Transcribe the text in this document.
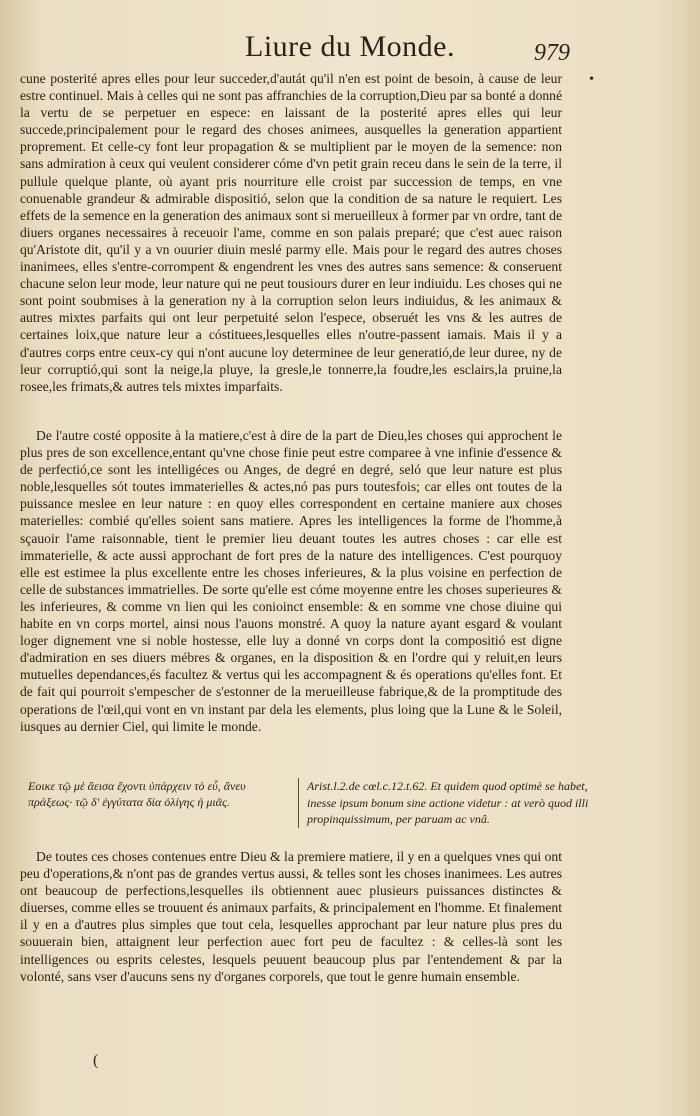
Liure du Monde.	979
•

cune posterité apres elles pour leur succeder,d'autát qu'il n'en est point de besoin, à cause de leur estre continuel. Mais à celles qui ne sont pas affranchies de la corruption,Dieu par sa bonté a donné la vertu de se perpetuer en espece: en laissant de la posterité apres elles qui leur succede,principalement pour le regard des choses animees, ausquelles la generation appartient proprement. Et celle-cy font leur propagation & se multiplient par le moyen de la semence: non sans admiration à ceux qui veulent considerer cóme d'vn petit grain receu dans le sein de la terre, il pullule quelque plante, où ayant pris nourriture elle croist par succession de temps, en vne conuenable grandeur & admirable dispositió, selon que la condition de sa nature le requiert. Les effets de la semence en la generation des animaux sont si merueilleux à former par vn ordre, tant de diuers organes necessaires à receuoir l'ame, comme en son palais preparé; que c'est auec raison qu'Aristote dit, qu'il y a vn ouurier diuin meslé parmy elle. Mais pour le regard des autres choses inanimees, elles s'entre-corrompent & engendrent les vnes des autres sans semence: & conseruent chacune selon leur mode, leur nature qui ne peut tousiours durer en leur indiuidu. Les choses qui ne sont point soubmises à la generation ny à la corruption selon leurs indiuidus, & les animaux & autres mixtes parfaits qui ont leur perpetuité selon l'espece, obseruét les vns & les autres de certaines loix,que nature leur a cóstituees,lesquelles elles n'outre-passent iamais. Mais il y a d'autres corps entre ceux-cy qui n'ont aucune loy determinee de leur generatió,de leur duree, ny de leur corruptió,qui sont la neige,la pluye, la gresle,le tonnerre,la foudre,les esclairs,la pruine,la rosee,les frimats,& autres tels mixtes imparfaits.

De l'autre costé opposite à la matiere,c'est à dire de la part de Dieu,les choses qui approchent le plus pres de son excellence,entant qu'vne chose finie peut estre comparee à vne infinie d'essence & de perfectió,ce sont les intelligéces ou Anges, de degré en degré, seló que leur nature est plus noble,lesquelles sót toutes immaterielles & actes,nó pas purs toutesfois; car elles ont toutes de la puissance meslee en leur nature : en quoy elles correspondent en certaine maniere aux choses materielles: combié qu'elles soient sans matiere. Apres les intelligences la forme de l'homme,à sçauoir l'ame raisonnable, tient le premier lieu deuant toutes les autres choses : car elle est immaterielle, & acte aussi approchant de fort pres de la nature des intelligences. C'est pourquoy elle est estimee la plus excellente entre les choses inferieures, & la plus voisine en perfection de celle de substances immatrielles. De sorte qu'elle est cóme moyenne entre les choses superieures & les inferieures, & comme vn lien qui les conioinct ensemble: & en somme vne chose diuine qui habite en vn corps mortel, ainsi nous l'auons monstré. A quoy la nature ayant esgard & voulant loger dignement vne si noble hostesse, elle luy a donné vn corps dont la compositió est digne d'admiration en ses diuers mébres & organes, en la disposition & en l'ordre qui y reluit,en leurs mutuelles dependances,és facultez & vertus qui les accompagnent & és operations qu'elles font. Et de fait qui pourroit s'empescher de s'estonner de la merueilleuse fabrique,& de la promptitude des operations de l'œil,qui vont en vn instant par dela les elements, plus loing que la Lune & le Soleil, iusques au dernier Ciel, qui limite le monde.

Εοικε τῷ μὲ ἄεισα ἔχοντι ὑπάρχειν τὸ εὖ, ἄνευ πράξεως· τῷ δ' ἐγγύτατα δὶα ὀλίγης ἡ μιᾶς.
Arist.l.2.de cœl.c.12.t.62. Et quidem quod optimè se habet, inesse ipsum bonum sine actione videtur : at verò quod illi propinquissimum, per paruam ac vnâ.

De toutes ces choses contenues entre Dieu & la premiere matiere, il y en a quelques vnes qui ont peu d'operations,& n'ont pas de grandes vertus aussi, & telles sont les choses inanimees. Les autres ont beaucoup de perfections,lesquelles ils obtiennent auec plusieurs puissances distinctes & diuerses, comme elles se trouuent és animaux parfaits, & principalement en l'homme. Et finalement il y en a d'autres plus simples que tout cela, lesquelles approchant par leur nature plus pres du souuerain bien, attaignent leur perfection auec fort peu de facultez : & celles-là sont les intelligences ou esprits celestes, lesquels peuuent beaucoup plus par l'entendement & par la volonté, sans vser d'aucuns sens ny d'organes corporels, que tout le genre humain ensemble.

(
